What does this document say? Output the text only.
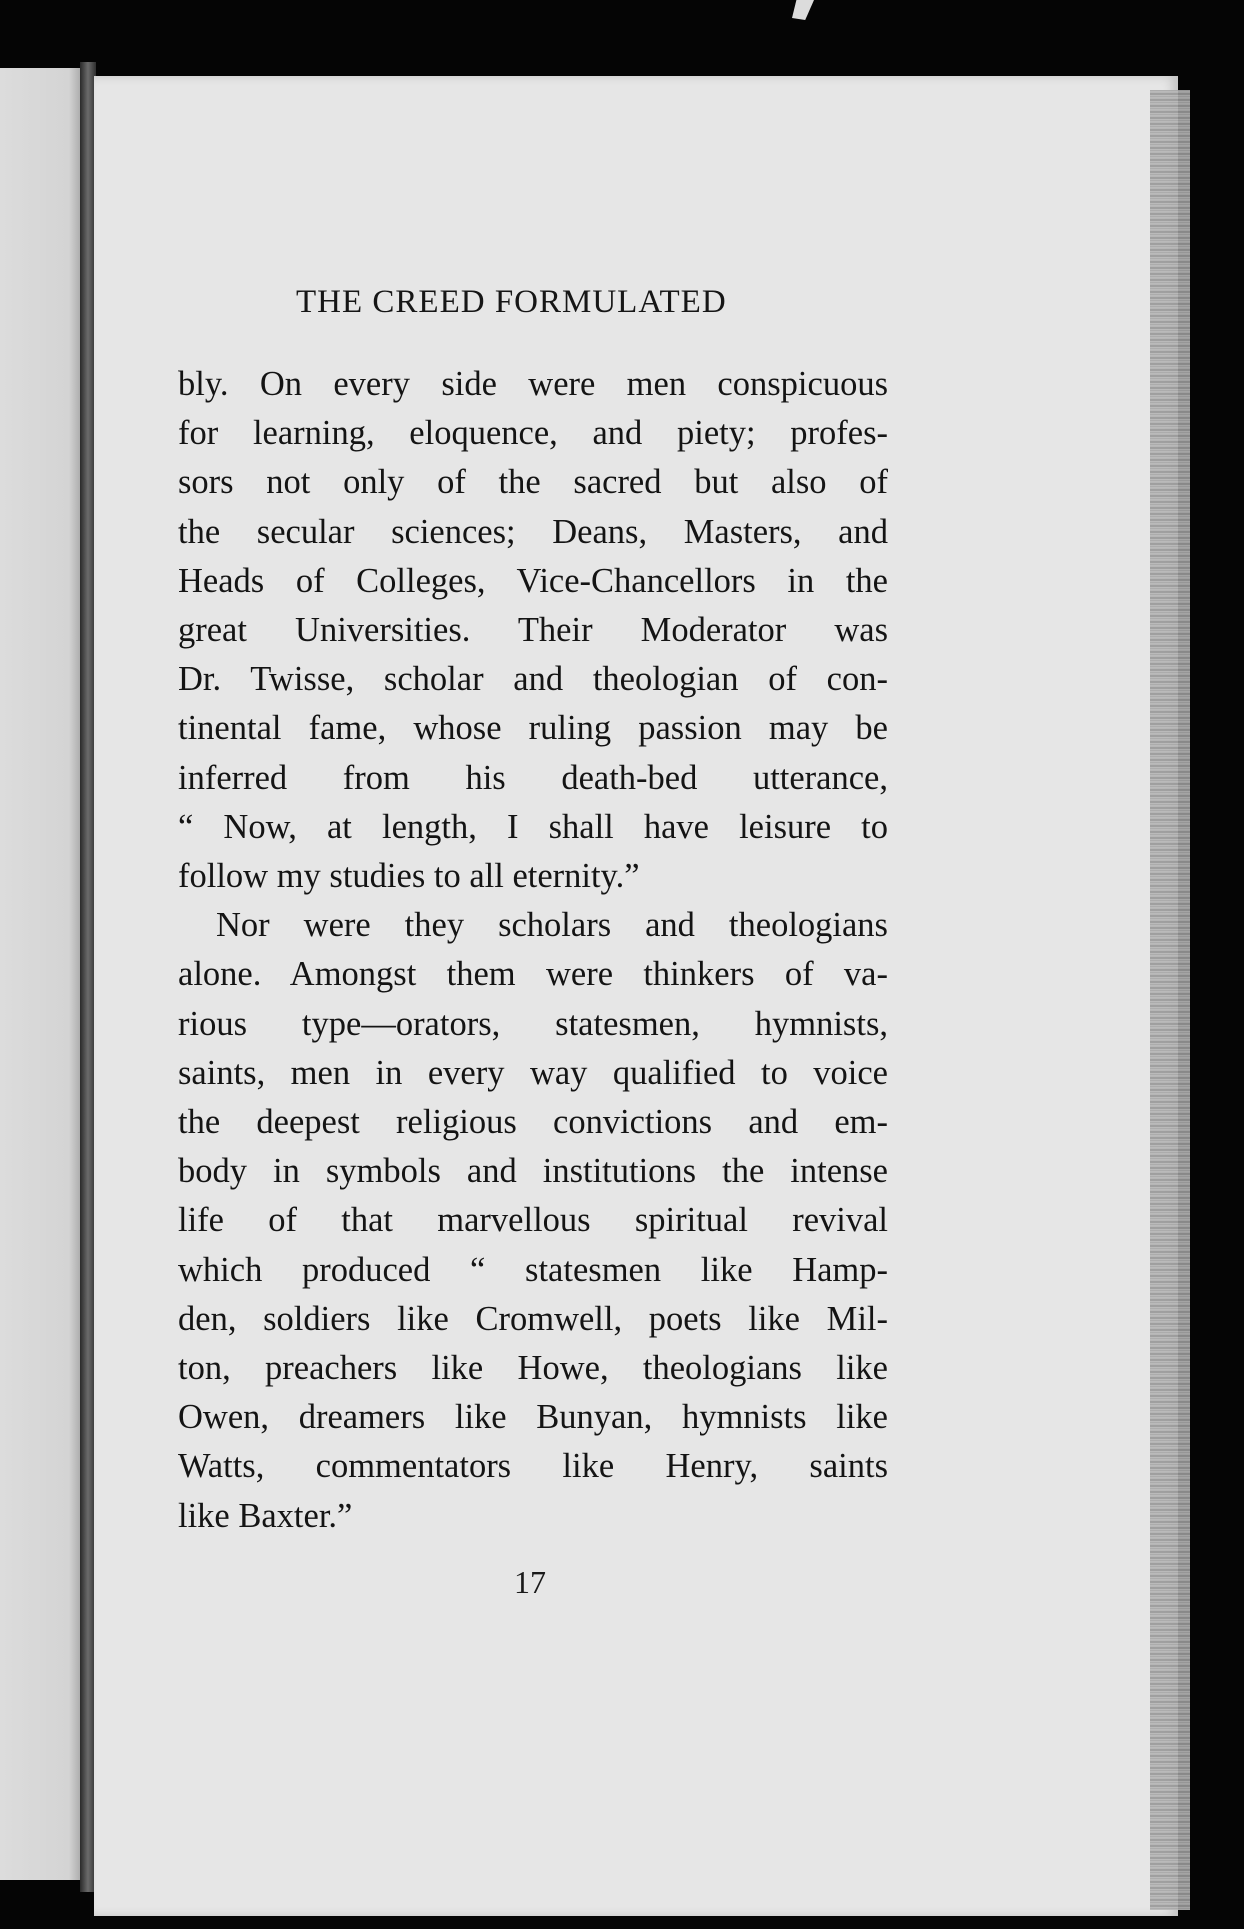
THE CREED FORMULATED
bly. On every side were men conspicuous
for learning, eloquence, and piety; profes-
sors not only of the sacred but also of
the secular sciences; Deans, Masters, and
Heads of Colleges, Vice-Chancellors in the
great Universities. Their Moderator was
Dr. Twisse, scholar and theologian of con-
tinental fame, whose ruling passion may be
inferred from his death-bed utterance,
“ Now, at length, I shall have leisure to
follow my studies to all eternity.”
Nor were they scholars and theologians
alone. Amongst them were thinkers of va-
rious type—orators, statesmen, hymnists,
saints, men in every way qualified to voice
the deepest religious convictions and em-
body in symbols and institutions the intense
life of that marvellous spiritual revival
which produced “ statesmen like Hamp-
den, soldiers like Cromwell, poets like Mil-
ton, preachers like Howe, theologians like
Owen, dreamers like Bunyan, hymnists like
Watts, commentators like Henry, saints
like Baxter.”
17
